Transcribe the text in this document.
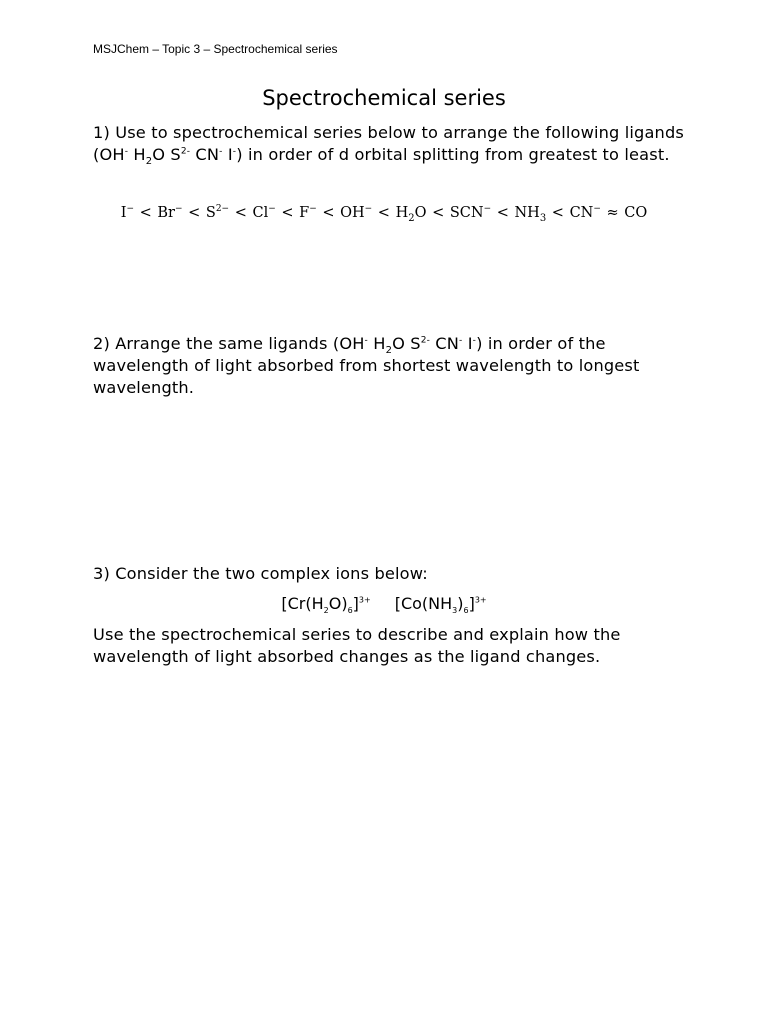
MSJChem – Topic 3 – Spectrochemical series
Spectrochemical series
1) Use to spectrochemical series below to arrange the following ligands (OH- $H_2O$ $S^{2-}$ CN- I-) in order of d orbital splitting from greatest to least.
$I^- < Br^- < S^{2-} < Cl^- < F^- < OH^- < H_2O < SCN^- < NH_3 < CN^-$ ≈ CO
2) Arrange the same ligands (OH- $H_2O$ $S^{2-}$ CN- I-) in order of the wavelength of light absorbed from shortest wavelength to longest wavelength.
3) Consider the two complex ions below:
$[Cr(H_2O)_6]^{3+}$ $[Co(NH_3)_6]^{3+}$
Use the spectrochemical series to describe and explain how the wavelength of light absorbed changes as the ligand changes.
